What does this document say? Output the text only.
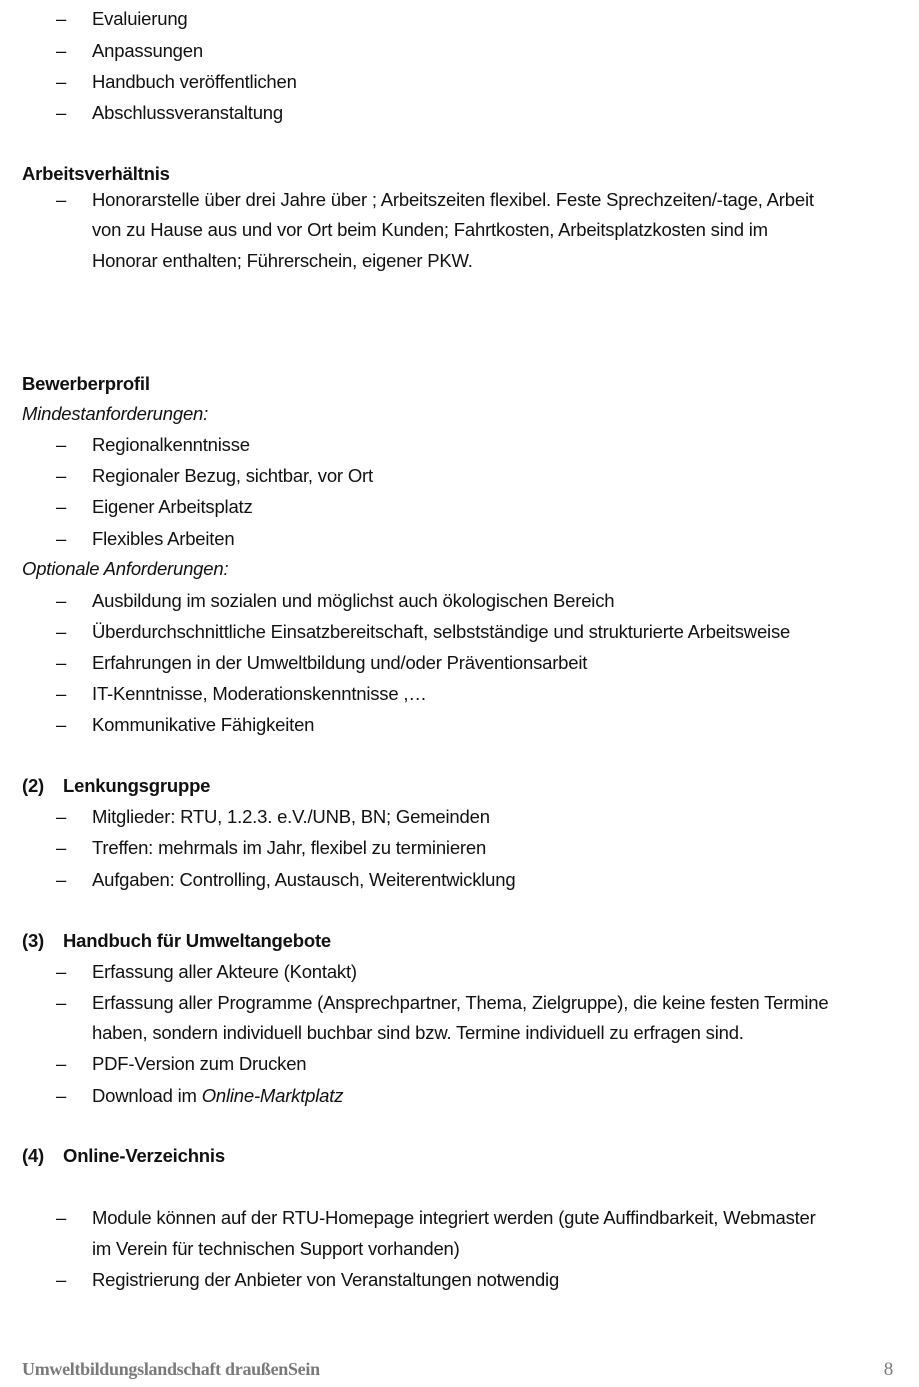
– Evaluierung
– Anpassungen
– Handbuch veröffentlichen
– Abschlussveranstaltung
Arbeitsverhältnis
– Honorarstelle über drei Jahre über ; Arbeitszeiten flexibel. Feste Sprechzeiten/-tage, Arbeit
von zu Hause aus und vor Ort beim Kunden; Fahrtkosten, Arbeitsplatzkosten sind im
Honorar enthalten; Führerschein, eigener PKW.
Bewerberprofil
Mindestanforderungen:
– Regionalkenntnisse
– Regionaler Bezug, sichtbar, vor Ort
– Eigener Arbeitsplatz
– Flexibles Arbeiten
Optionale Anforderungen:
– Ausbildung im sozialen und möglichst auch ökologischen Bereich
– Überdurchschnittliche Einsatzbereitschaft, selbstständige und strukturierte Arbeitsweise
– Erfahrungen in der Umweltbildung und/oder Präventionsarbeit
– IT-Kenntnisse, Moderationskenntnisse ,…
– Kommunikative Fähigkeiten
(2) Lenkungsgruppe
– Mitglieder: RTU, 1.2.3. e.V./UNB, BN; Gemeinden
– Treffen: mehrmals im Jahr, flexibel zu terminieren
– Aufgaben: Controlling, Austausch, Weiterentwicklung
(3) Handbuch für Umweltangebote
– Erfassung aller Akteure (Kontakt)
– Erfassung aller Programme (Ansprechpartner, Thema, Zielgruppe), die keine festen Termine
haben, sondern individuell buchbar sind bzw. Termine individuell zu erfragen sind.
– PDF-Version zum Drucken
– Download im Online-Marktplatz
(4) Online-Verzeichnis
– Module können auf der RTU-Homepage integriert werden (gute Auffindbarkeit, Webmaster
im Verein für technischen Support vorhanden)
– Registrierung der Anbieter von Veranstaltungen notwendig
Umweltbildungslandschaft draußenSein	8
